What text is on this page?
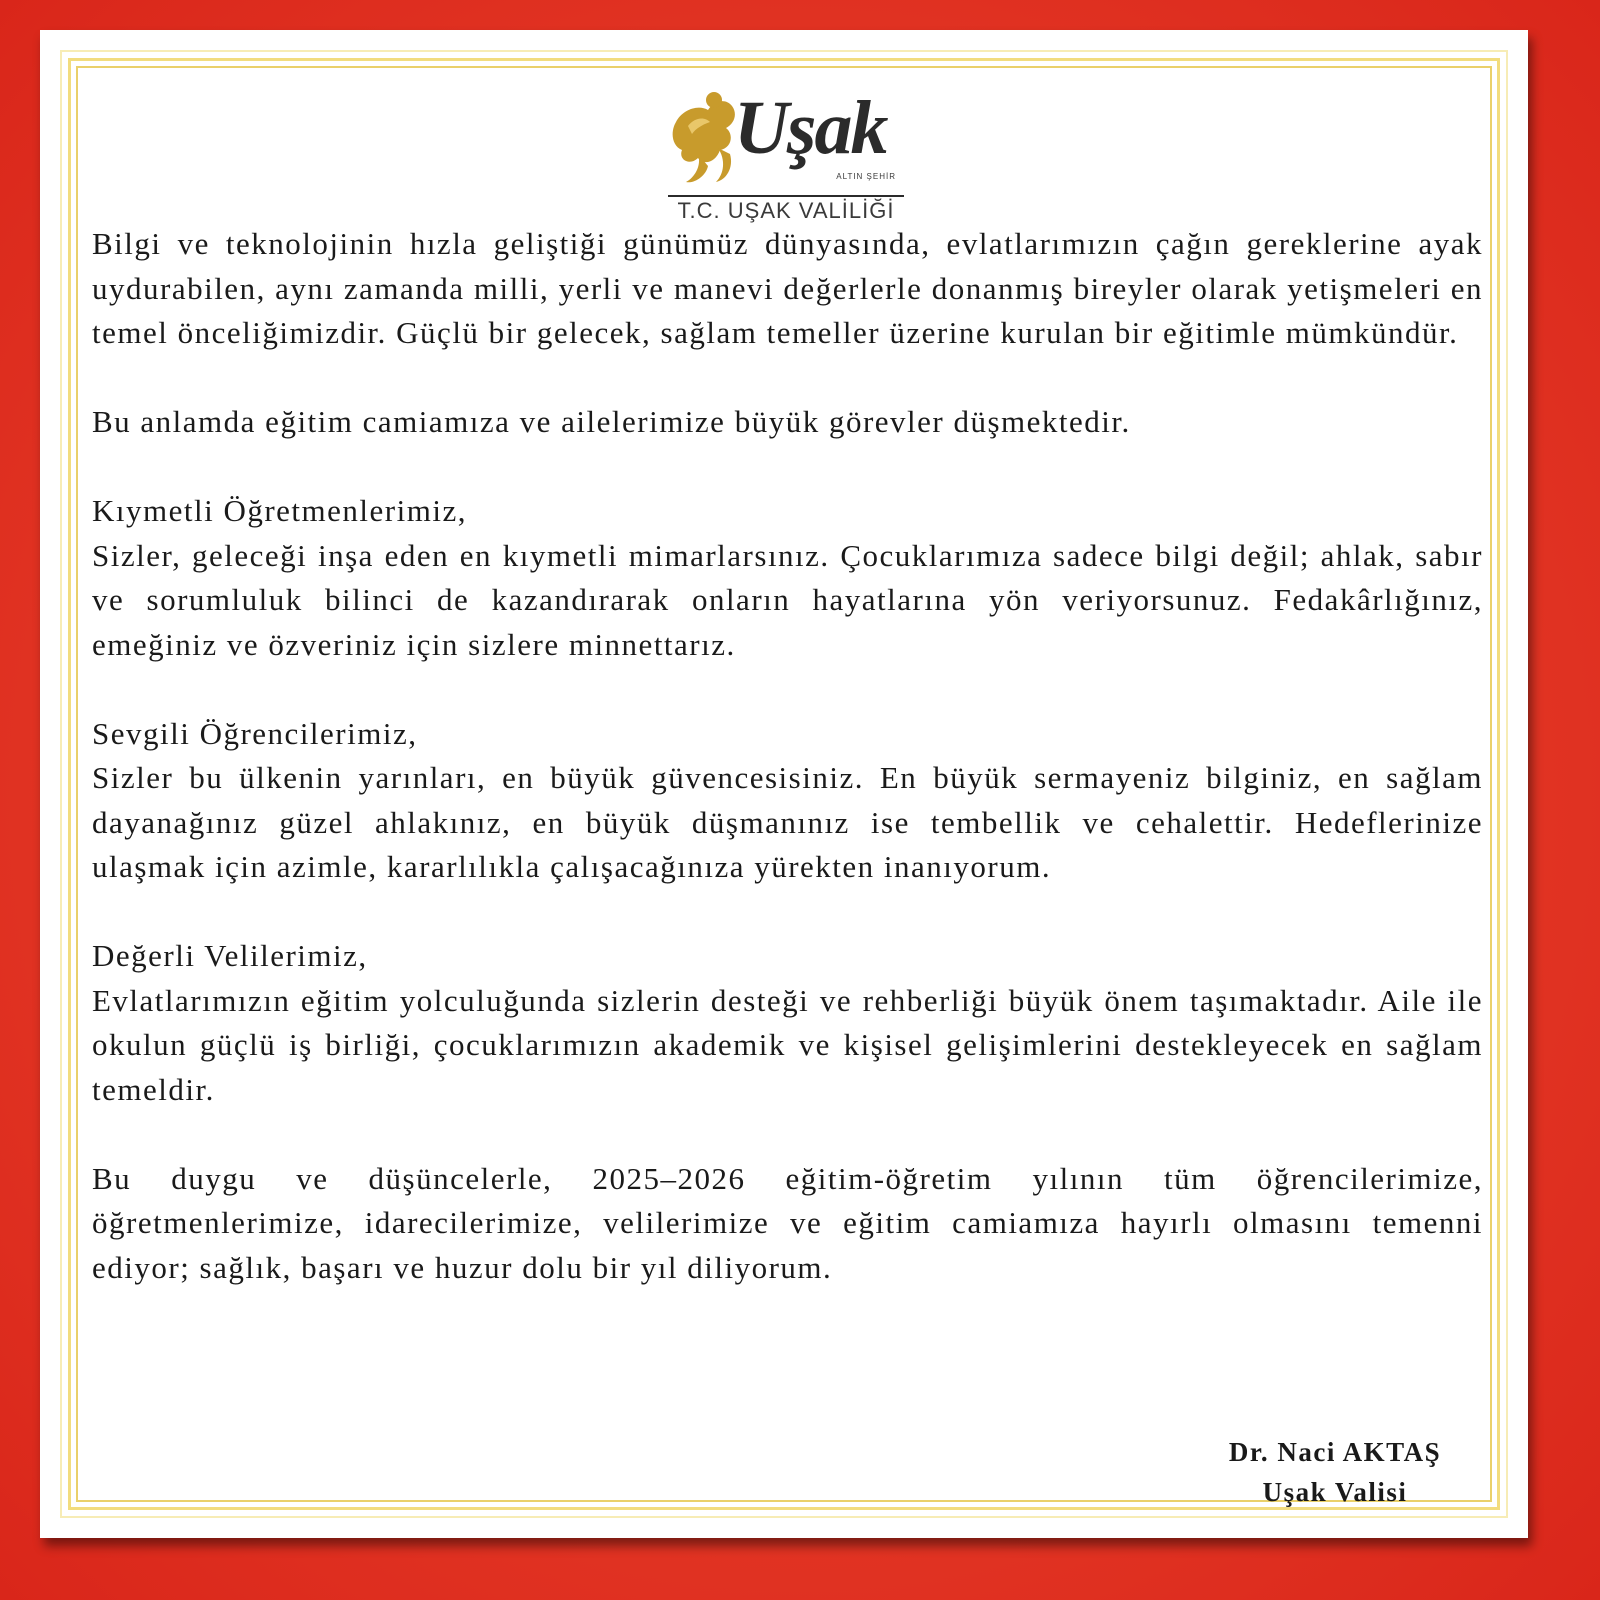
Uşak
ALTIN ŞEHİR
T.C. UŞAK VALİLİĞİ

Bilgi ve teknolojinin hızla geliştiği günümüz dünyasında, evlatlarımızın çağın gereklerine ayak uydurabilen, aynı zamanda milli, yerli ve manevi değerlerle donanmış bireyler olarak yetişmeleri en temel önceliğimizdir. Güçlü bir gelecek, sağlam temeller üzerine kurulan bir eğitimle mümkündür.

Bu anlamda eğitim camiamıza ve ailelerimize büyük görevler düşmektedir.

Kıymetli Öğretmenlerimiz,
Sizler, geleceği inşa eden en kıymetli mimarlarsınız. Çocuklarımıza sadece bilgi değil; ahlak, sabır ve sorumluluk bilinci de kazandırarak onların hayatlarına yön veriyorsunuz. Fedakârlığınız, emeğiniz ve özveriniz için sizlere minnettarız.

Sevgili Öğrencilerimiz,
Sizler bu ülkenin yarınları, en büyük güvencesisiniz. En büyük sermayeniz bilginiz, en sağlam dayanağınız güzel ahlakınız, en büyük düşmanınız ise tembellik ve cehalettir. Hedeflerinize ulaşmak için azimle, kararlılıkla çalışacağınıza yürekten inanıyorum.

Değerli Velilerimiz,
Evlatlarımızın eğitim yolculuğunda sizlerin desteği ve rehberliği büyük önem taşımaktadır. Aile ile okulun güçlü iş birliği, çocuklarımızın akademik ve kişisel gelişimlerini destekleyecek en sağlam temeldir.

Bu duygu ve düşüncelerle, 2025–2026 eğitim-öğretim yılının tüm öğrencilerimize, öğretmenlerimize, idarecilerimize, velilerimize ve eğitim camiamıza hayırlı olmasını temenni ediyor; sağlık, başarı ve huzur dolu bir yıl diliyorum.

Dr. Naci AKTAŞ
Uşak Valisi
